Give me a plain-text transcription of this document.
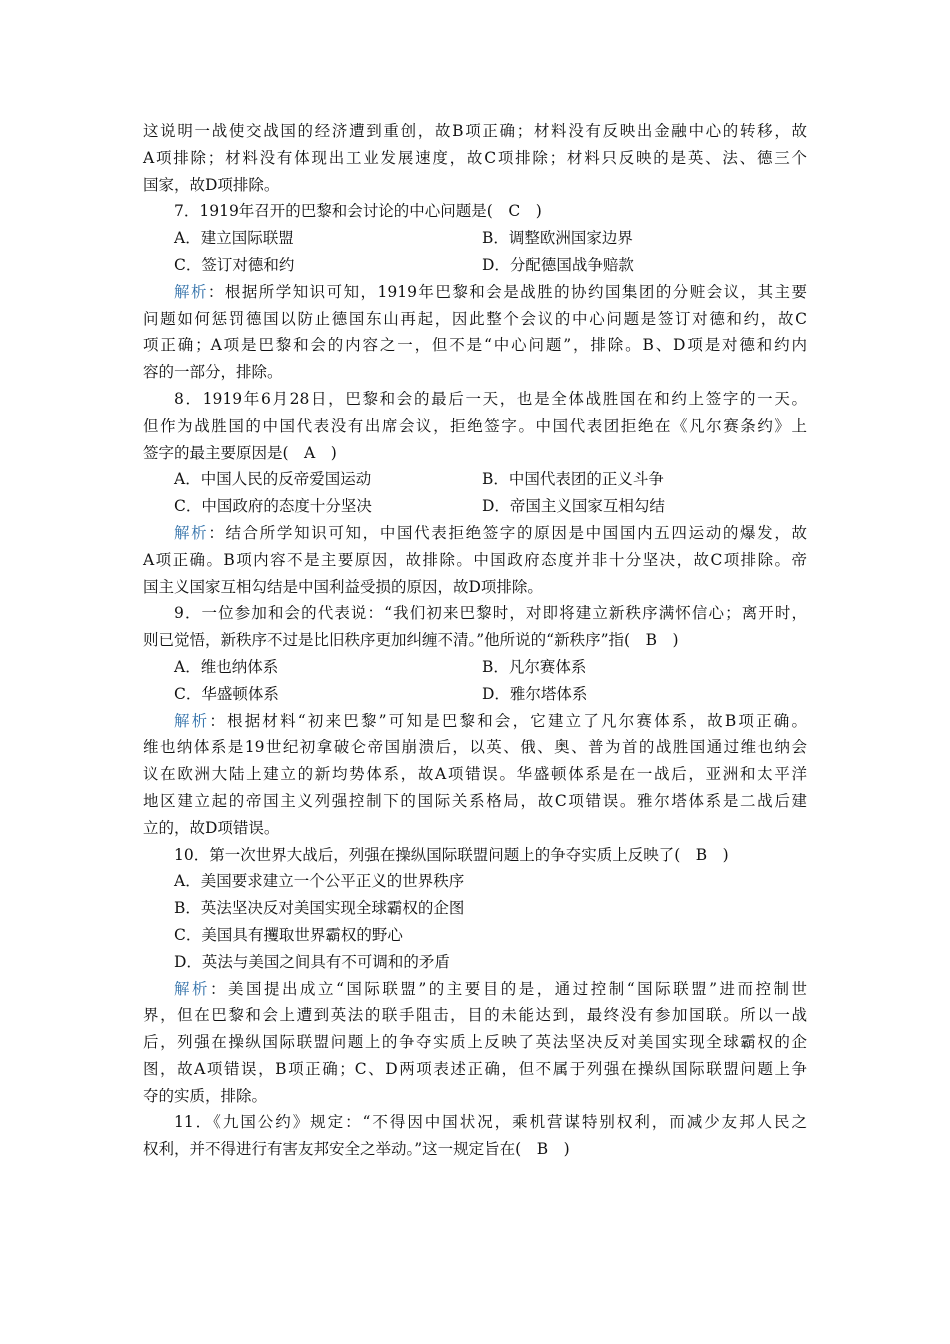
这说明一战使交战国的经济遭到重创，故B项正确；材料没有反映出金融中心的转移，故
A项排除；材料没有体现出工业发展速度，故C项排除；材料只反映的是英、法、德三个
国家，故D项排除。
7．1919年召开的巴黎和会讨论的中心问题是(　C　)
A．建立国际联盟	B．调整欧洲国家边界
C．签订对德和约	D．分配德国战争赔款
解析：根据所学知识可知，1919年巴黎和会是战胜的协约国集团的分赃会议，其主要
问题如何惩罚德国以防止德国东山再起，因此整个会议的中心问题是签订对德和约，故C
项正确；A项是巴黎和会的内容之一，但不是“中心问题”，排除。B、D项是对德和约内
容的一部分，排除。
8．1919年6月28日，巴黎和会的最后一天，也是全体战胜国在和约上签字的一天。
但作为战胜国的中国代表没有出席会议，拒绝签字。中国代表团拒绝在《凡尔赛条约》上
签字的最主要原因是(　A　)
A．中国人民的反帝爱国运动	B．中国代表团的正义斗争
C．中国政府的态度十分坚决	D．帝国主义国家互相勾结
解析：结合所学知识可知，中国代表拒绝签字的原因是中国国内五四运动的爆发，故
A项正确。B项内容不是主要原因，故排除。中国政府态度并非十分坚决，故C项排除。帝
国主义国家互相勾结是中国利益受损的原因，故D项排除。
9．一位参加和会的代表说：“我们初来巴黎时，对即将建立新秩序满怀信心；离开时，
则已觉悟，新秩序不过是比旧秩序更加纠缠不清。”他所说的“新秩序”指(　B　)
A．维也纳体系	B．凡尔赛体系
C．华盛顿体系	D．雅尔塔体系
解析：根据材料“初来巴黎”可知是巴黎和会，它建立了凡尔赛体系，故B项正确。
维也纳体系是19世纪初拿破仑帝国崩溃后，以英、俄、奥、普为首的战胜国通过维也纳会
议在欧洲大陆上建立的新均势体系，故A项错误。华盛顿体系是在一战后，亚洲和太平洋
地区建立起的帝国主义列强控制下的国际关系格局，故C项错误。雅尔塔体系是二战后建
立的，故D项错误。
10．第一次世界大战后，列强在操纵国际联盟问题上的争夺实质上反映了(　B　)
A．美国要求建立一个公平正义的世界秩序
B．英法坚决反对美国实现全球霸权的企图
C．美国具有攫取世界霸权的野心
D．英法与美国之间具有不可调和的矛盾
解析：美国提出成立“国际联盟”的主要目的是，通过控制“国际联盟”进而控制世
界，但在巴黎和会上遭到英法的联手阻击，目的未能达到，最终没有参加国联。所以一战
后，列强在操纵国际联盟问题上的争夺实质上反映了英法坚决反对美国实现全球霸权的企
图，故A项错误，B项正确；C、D两项表述正确，但不属于列强在操纵国际联盟问题上争
夺的实质，排除。
11．《九国公约》规定：“不得因中国状况，乘机营谋特别权利，而减少友邦人民之
权利，并不得进行有害友邦安全之举动。”这一规定旨在(　B　)
